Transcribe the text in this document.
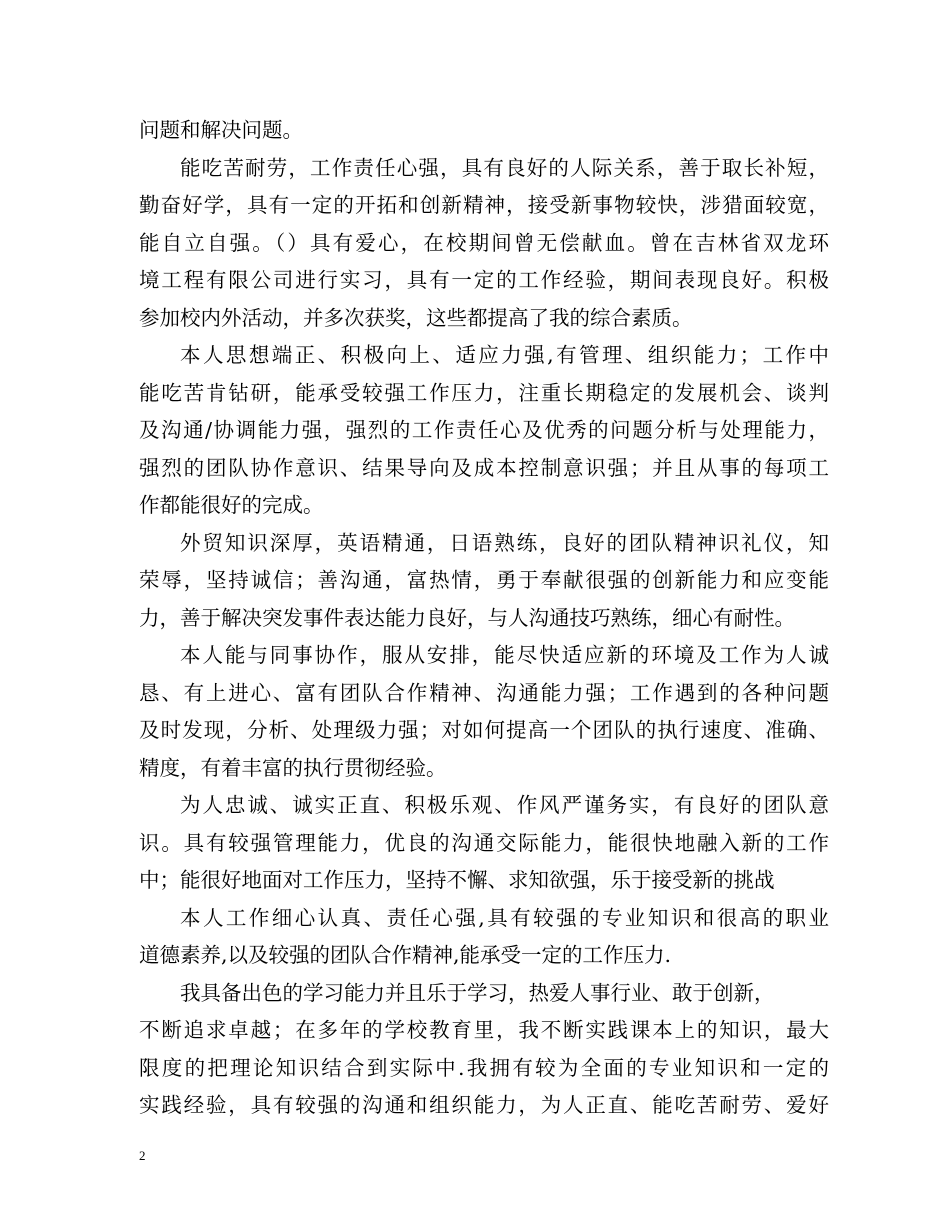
问题和解决问题。
能吃苦耐劳，工作责任心强，具有良好的人际关系，善于取长补短，
勤奋好学，具有一定的开拓和创新精神，接受新事物较快，涉猎面较宽，
能自立自强。（）具有爱心，在校期间曾无偿献血。曾在吉林省双龙环
境工程有限公司进行实习，具有一定的工作经验，期间表现良好。积极
参加校内外活动，并多次获奖，这些都提高了我的综合素质。
本人思想端正、积极向上、适应力强,有管理、组织能力；工作中
能吃苦肯钻研，能承受较强工作压力，注重长期稳定的发展机会、谈判
及沟通/协调能力强，强烈的工作责任心及优秀的问题分析与处理能力，
强烈的团队协作意识、结果导向及成本控制意识强；并且从事的每项工
作都能很好的完成。
外贸知识深厚，英语精通，日语熟练，良好的团队精神识礼仪，知
荣辱，坚持诚信；善沟通，富热情，勇于奉献很强的创新能力和应变能
力，善于解决突发事件表达能力良好，与人沟通技巧熟练，细心有耐性。
本人能与同事协作，服从安排，能尽快适应新的环境及工作为人诚
恳、有上进心、富有团队合作精神、沟通能力强；工作遇到的各种问题
及时发现，分析、处理级力强；对如何提高一个团队的执行速度、准确、
精度，有着丰富的执行贯彻经验。
为人忠诚、诚实正直、积极乐观、作风严谨务实，有良好的团队意
识。具有较强管理能力，优良的沟通交际能力，能很快地融入新的工作
中；能很好地面对工作压力，坚持不懈、求知欲强，乐于接受新的挑战
本人工作细心认真、责任心强,具有较强的专业知识和很高的职业
道德素养,以及较强的团队合作精神,能承受一定的工作压力.
我具备出色的学习能力并且乐于学习，热爱人事行业、敢于创新，
不断追求卓越；在多年的学校教育里，我不断实践课本上的知识，最大
限度的把理论知识结合到实际中.我拥有较为全面的专业知识和一定的
实践经验，具有较强的沟通和组织能力，为人正直、能吃苦耐劳、爱好
2
